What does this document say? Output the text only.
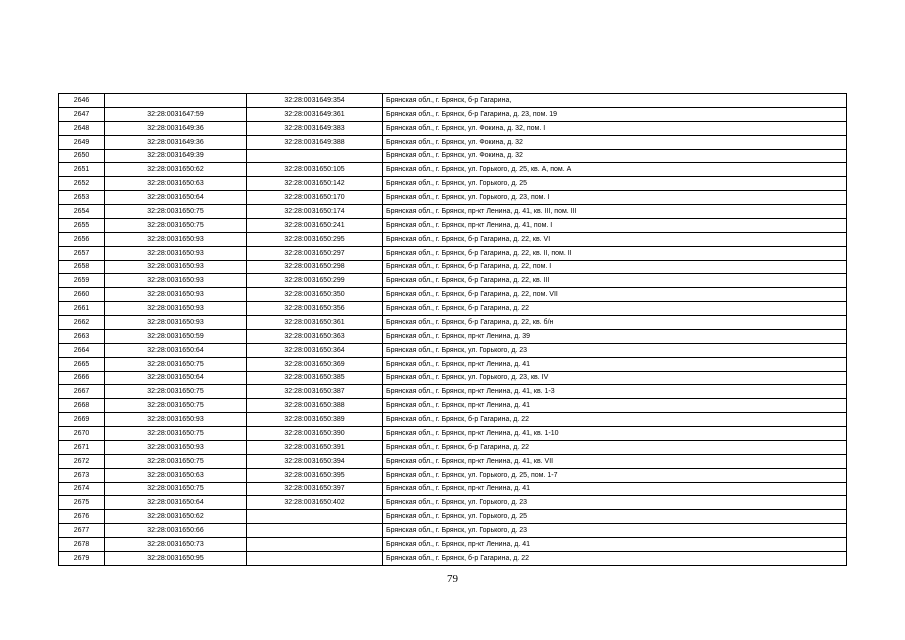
2646		32:28:0031649:354	Брянская обл., г. Брянск, б-р Гагарина,
2647	32:28:0031647:59	32:28:0031649:361	Брянская обл., г. Брянск, б-р Гагарина, д. 23, пом. 19
2648	32:28:0031649:36	32:28:0031649:383	Брянская обл., г. Брянск, ул. Фокина, д. 32, пом. I
2649	32:28:0031649:36	32:28:0031649:388	Брянская обл., г. Брянск, ул. Фокина, д. 32
2650	32:28:0031649:39		Брянская обл., г. Брянск, ул. Фокина, д. 32
2651	32:28:0031650:62	32:28:0031650:105	Брянская обл., г. Брянск, ул. Горького, д. 25, кв. А, пом. А
2652	32:28:0031650:63	32:28:0031650:142	Брянская обл., г. Брянск, ул. Горького, д. 25
2653	32:28:0031650:64	32:28:0031650:170	Брянская обл., г. Брянск, ул. Горького, д. 23, пом. I
2654	32:28:0031650:75	32:28:0031650:174	Брянская обл., г. Брянск, пр-кт Ленина, д. 41, кв. III, пом. III
2655	32:28:0031650:75	32:28:0031650:241	Брянская обл., г. Брянск, пр-кт Ленина, д. 41, пом. I
2656	32:28:0031650:93	32:28:0031650:295	Брянская обл., г. Брянск, б-р Гагарина, д. 22, кв. VI
2657	32:28:0031650:93	32:28:0031650:297	Брянская обл., г. Брянск, б-р Гагарина, д. 22, кв. II, пом. II
2658	32:28:0031650:93	32:28:0031650:298	Брянская обл., г. Брянск, б-р Гагарина, д. 22, пом. I
2659	32:28:0031650:93	32:28:0031650:299	Брянская обл., г. Брянск, б-р Гагарина, д. 22, кв. III
2660	32:28:0031650:93	32:28:0031650:350	Брянская обл., г. Брянск, б-р Гагарина, д. 22, пом. VII
2661	32:28:0031650:93	32:28:0031650:356	Брянская обл., г. Брянск, б-р Гагарина, д. 22
2662	32:28:0031650:93	32:28:0031650:361	Брянская обл., г. Брянск, б-р Гагарина, д. 22, кв. б/н
2663	32:28:0031650:59	32:28:0031650:363	Брянская обл., г. Брянск, пр-кт Ленина, д. 39
2664	32:28:0031650:64	32:28:0031650:364	Брянская обл., г. Брянск, ул. Горького, д. 23
2665	32:28:0031650:75	32:28:0031650:369	Брянская обл., г. Брянск, пр-кт Ленина, д. 41
2666	32:28:0031650:64	32:28:0031650:385	Брянская обл., г. Брянск, ул. Горького, д. 23, кв. IV
2667	32:28:0031650:75	32:28:0031650:387	Брянская обл., г. Брянск, пр-кт Ленина, д. 41, кв. 1-3
2668	32:28:0031650:75	32:28:0031650:388	Брянская обл., г. Брянск, пр-кт Ленина, д. 41
2669	32:28:0031650:93	32:28:0031650:389	Брянская обл., г. Брянск, б-р Гагарина, д. 22
2670	32:28:0031650:75	32:28:0031650:390	Брянская обл., г. Брянск, пр-кт Ленина, д. 41, кв. 1-10
2671	32:28:0031650:93	32:28:0031650:391	Брянская обл., г. Брянск, б-р Гагарина, д. 22
2672	32:28:0031650:75	32:28:0031650:394	Брянская обл., г. Брянск, пр-кт Ленина, д. 41, кв. VII
2673	32:28:0031650:63	32:28:0031650:395	Брянская обл., г. Брянск, ул. Горького, д. 25, пом. 1-7
2674	32:28:0031650:75	32:28:0031650:397	Брянская обл., г. Брянск, пр-кт Ленина, д. 41
2675	32:28:0031650:64	32:28:0031650:402	Брянская обл., г. Брянск, ул. Горького, д. 23
2676	32:28:0031650:62		Брянская обл., г. Брянск, ул. Горького, д. 25
2677	32:28:0031650:66		Брянская обл., г. Брянск, ул. Горького, д. 23
2678	32:28:0031650:73		Брянская обл., г. Брянск, пр-кт Ленина, д. 41
2679	32:28:0031650:95		Брянская обл., г. Брянск, б-р Гагарина, д. 22
79
